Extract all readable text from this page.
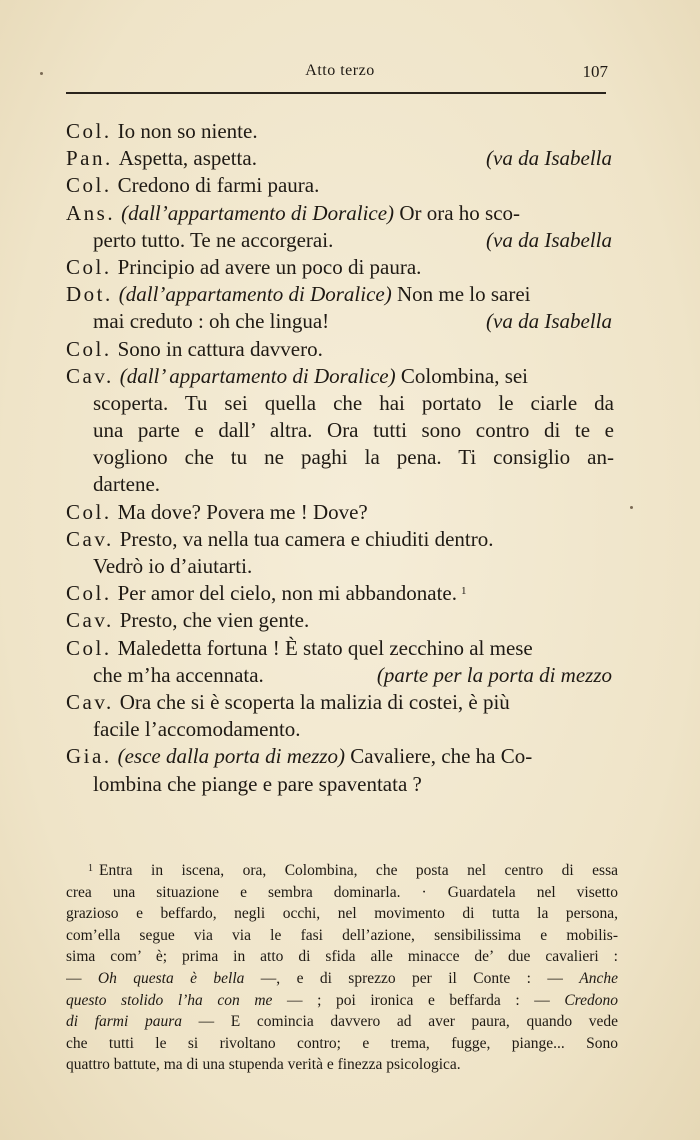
Atto terzo	107
Col. Io non so niente.
Pan. Aspetta, aspetta.	(va da Isabella
Col. Credono di farmi paura.
Ans. (dall’appartamento di Doralice) Or ora ho sco-
perto tutto. Te ne accorgerai.	(va da Isabella
Col. Principio ad avere un poco di paura.
Dot. (dall’appartamento di Doralice) Non me lo sarei
mai creduto : oh che lingua!	(va da Isabella
Col. Sono in cattura davvero.
Cav. (dall’ appartamento di Doralice) Colombina, sei
scoperta. Tu sei quella che hai portato le ciarle da
una parte e dall’ altra. Ora tutti sono contro di te e
vogliono che tu ne paghi la pena. Ti consiglio an-
dartene.
Col. Ma dove? Povera me ! Dove?
Cav. Presto, va nella tua camera e chiuditi dentro.
Vedrò io d’aiutarti.
Col. Per amor del cielo, non mi abbandonate. $^1$
Cav. Presto, che vien gente.
Col. Maledetta fortuna ! È stato quel zecchino al mese
che m’ha accennata.	(parte per la porta di mezzo
Cav. Ora che si è scoperta la malizia di costei, è più
facile l’accomodamento.
Gia. (esce dalla porta di mezzo) Cavaliere, che ha Co-
lombina che piange e pare spaventata ?
$^1$ Entra in iscena, ora, Colombina, che posta nel centro di essa
crea una situazione e sembra dominarla. · Guardatela nel visetto
grazioso e beffardo, negli occhi, nel movimento di tutta la persona,
com’ella segue via via le fasi dell’azione, sensibilissima e mobilis-
sima com’ è; prima in atto di sfida alle minacce de’ due cavalieri :
— Oh questa è bella —, e di sprezzo per il Conte : — Anche
questo stolido l’ha con me — ; poi ironica e beffarda : — Credono
di farmi paura — E comincia davvero ad aver paura, quando vede
che tutti le si rivoltano contro; e trema, fugge, piange... Sono
quattro battute, ma di una stupenda verità e finezza psicologica.
